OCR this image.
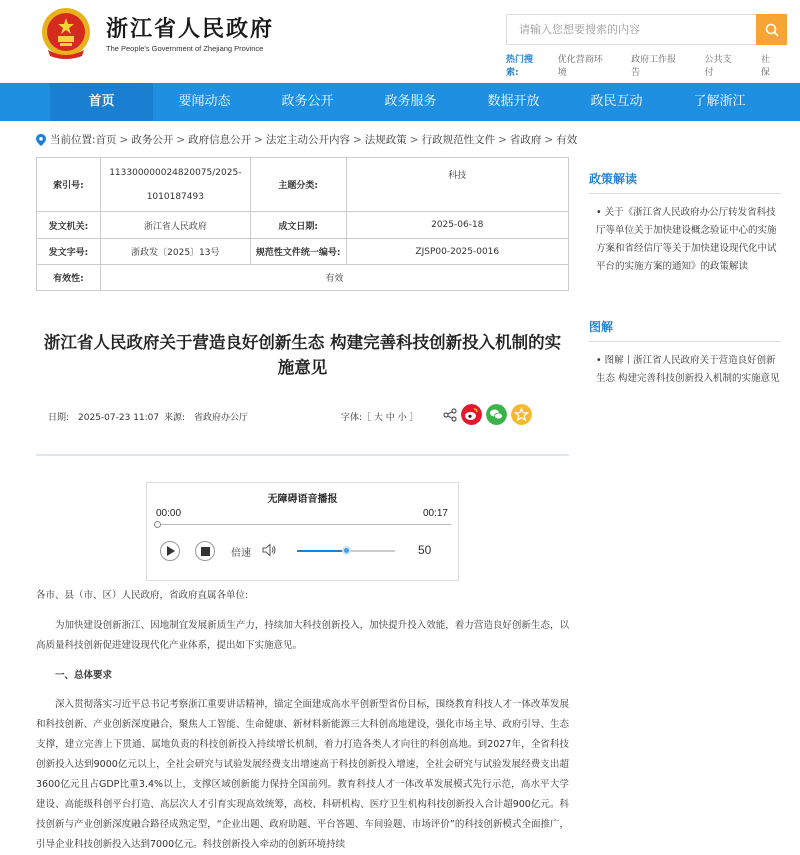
浙江省人民政府
The People's Government of Zhejiang Province
请输入您想要搜索的内容
热门搜索:
优化营商环境
政府工作报告
公共支付
社保
首页	要闻动态	政务公开	政务服务	数据开放	政民互动	了解浙江
当前位置: 首页 > 政务公开 > 政府信息公开 > 法定主动公开内容 > 法规政策 > 行政规范性文件 > 省政府 > 有效
索引号:	113300000024820075/2025-1010187493	主题分类:	科技
发文机关:	浙江省人民政府	成文日期:	2025-06-18
发文字号:	浙政发〔2025〕13号	规范性文件统一编号:	ZJSP00-2025-0016
有效性:	有效		
政策解读
• 关于《浙江省人民政府办公厅转发省科技厅等单位关于加快建设概念验证中心的实施方案和省经信厅等关于加快建设现代化中试平台的实施方案的通知》的政策解读
图解
• 图解丨浙江省人民政府关于营造良好创新生态 构建完善科技创新投入机制的实施意见
浙江省人民政府关于营造良好创新生态 构建完善科技创新投入机制的实施意见
日期:　2025-07-23 11:07 来源:　省政府办公厅	字体:［ 大 中 小 ］
无障碍语音播报
00:00	00:17
倍速	50
各市、县（市、区）人民政府，省政府直属各单位:
为加快建设创新浙江、因地制宜发展新质生产力，持续加大科技创新投入，加快提升投入效能，着力营造良好创新生态，以高质量科技创新促进建设现代化产业体系，提出如下实施意见。
一、总体要求
深入贯彻落实习近平总书记考察浙江重要讲话精神，锚定全面建成高水平创新型省份目标，围绕教育科技人才一体改革发展和科技创新、产业创新深度融合，聚焦人工智能、生命健康、新材料新能源三大科创高地建设，强化市场主导、政府引导、生态支撑，建立完善上下贯通、属地负责的科技创新投入持续增长机制，着力打造各类人才向往的科创高地。到2027年，全省科技创新投入达到9000亿元以上，全社会研究与试验发展经费支出增速高于科技创新投入增速，全社会研究与试验发展经费支出超3600亿元且占GDP比重3.4%以上，支撑区域创新能力保持全国前列。教育科技人才一体改革发展模式先行示范，高水平大学建设、高能级科创平台打造、高层次人才引育实现高效统筹，高校、科研机构、医疗卫生机构科技创新投入合计超900亿元。科技创新与产业创新深度融合路径成熟定型，“企业出题、政府助题、平台答题、车间验题、市场评价”的科技创新模式全面推广，引导企业科技创新投入达到7000亿元。科技创新投入牵动的创新环境持续
